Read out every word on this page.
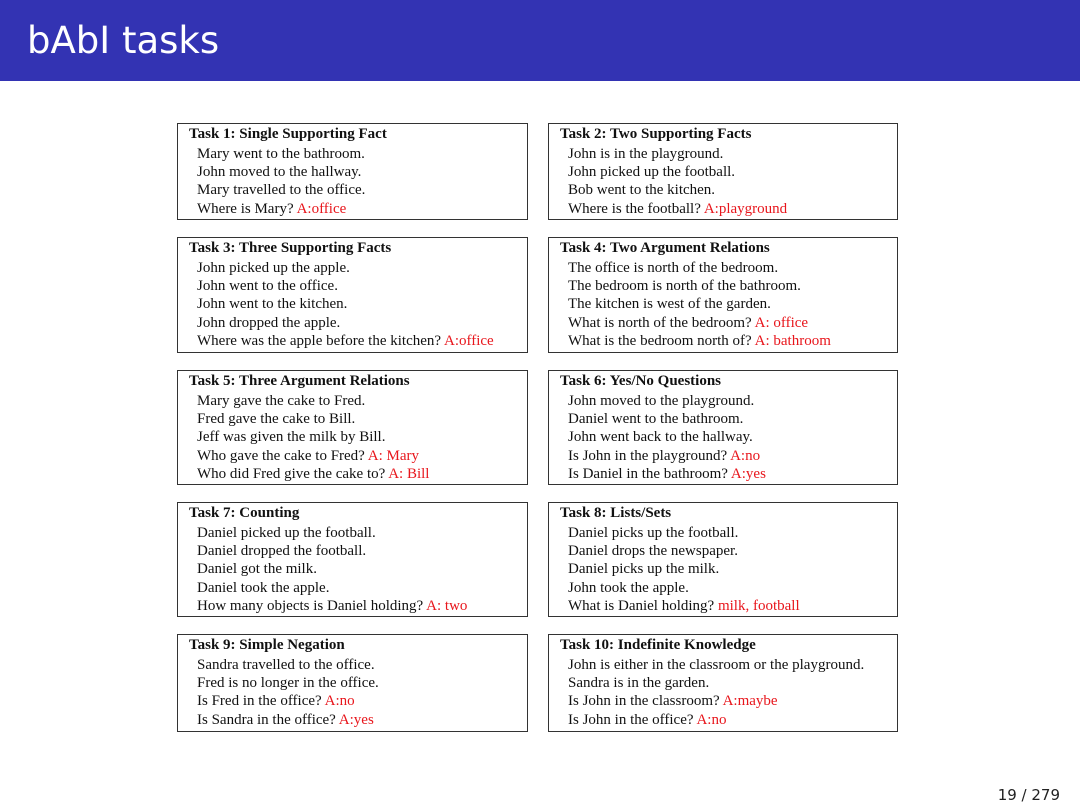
bAbI tasks
Task 1: Single Supporting Fact
Mary went to the bathroom.
John moved to the hallway.
Mary travelled to the office.
Where is Mary? A:office
Task 2: Two Supporting Facts
John is in the playground.
John picked up the football.
Bob went to the kitchen.
Where is the football? A:playground
Task 3: Three Supporting Facts
John picked up the apple.
John went to the office.
John went to the kitchen.
John dropped the apple.
Where was the apple before the kitchen? A:office
Task 4: Two Argument Relations
The office is north of the bedroom.
The bedroom is north of the bathroom.
The kitchen is west of the garden.
What is north of the bedroom? A: office
What is the bedroom north of? A: bathroom
Task 5: Three Argument Relations
Mary gave the cake to Fred.
Fred gave the cake to Bill.
Jeff was given the milk by Bill.
Who gave the cake to Fred? A: Mary
Who did Fred give the cake to? A: Bill
Task 6: Yes/No Questions
John moved to the playground.
Daniel went to the bathroom.
John went back to the hallway.
Is John in the playground? A:no
Is Daniel in the bathroom? A:yes
Task 7: Counting
Daniel picked up the football.
Daniel dropped the football.
Daniel got the milk.
Daniel took the apple.
How many objects is Daniel holding? A: two
Task 8: Lists/Sets
Daniel picks up the football.
Daniel drops the newspaper.
Daniel picks up the milk.
John took the apple.
What is Daniel holding? milk, football
Task 9: Simple Negation
Sandra travelled to the office.
Fred is no longer in the office.
Is Fred in the office? A:no
Is Sandra in the office? A:yes
Task 10: Indefinite Knowledge
John is either in the classroom or the playground.
Sandra is in the garden.
Is John in the classroom? A:maybe
Is John in the office? A:no
19 / 279
